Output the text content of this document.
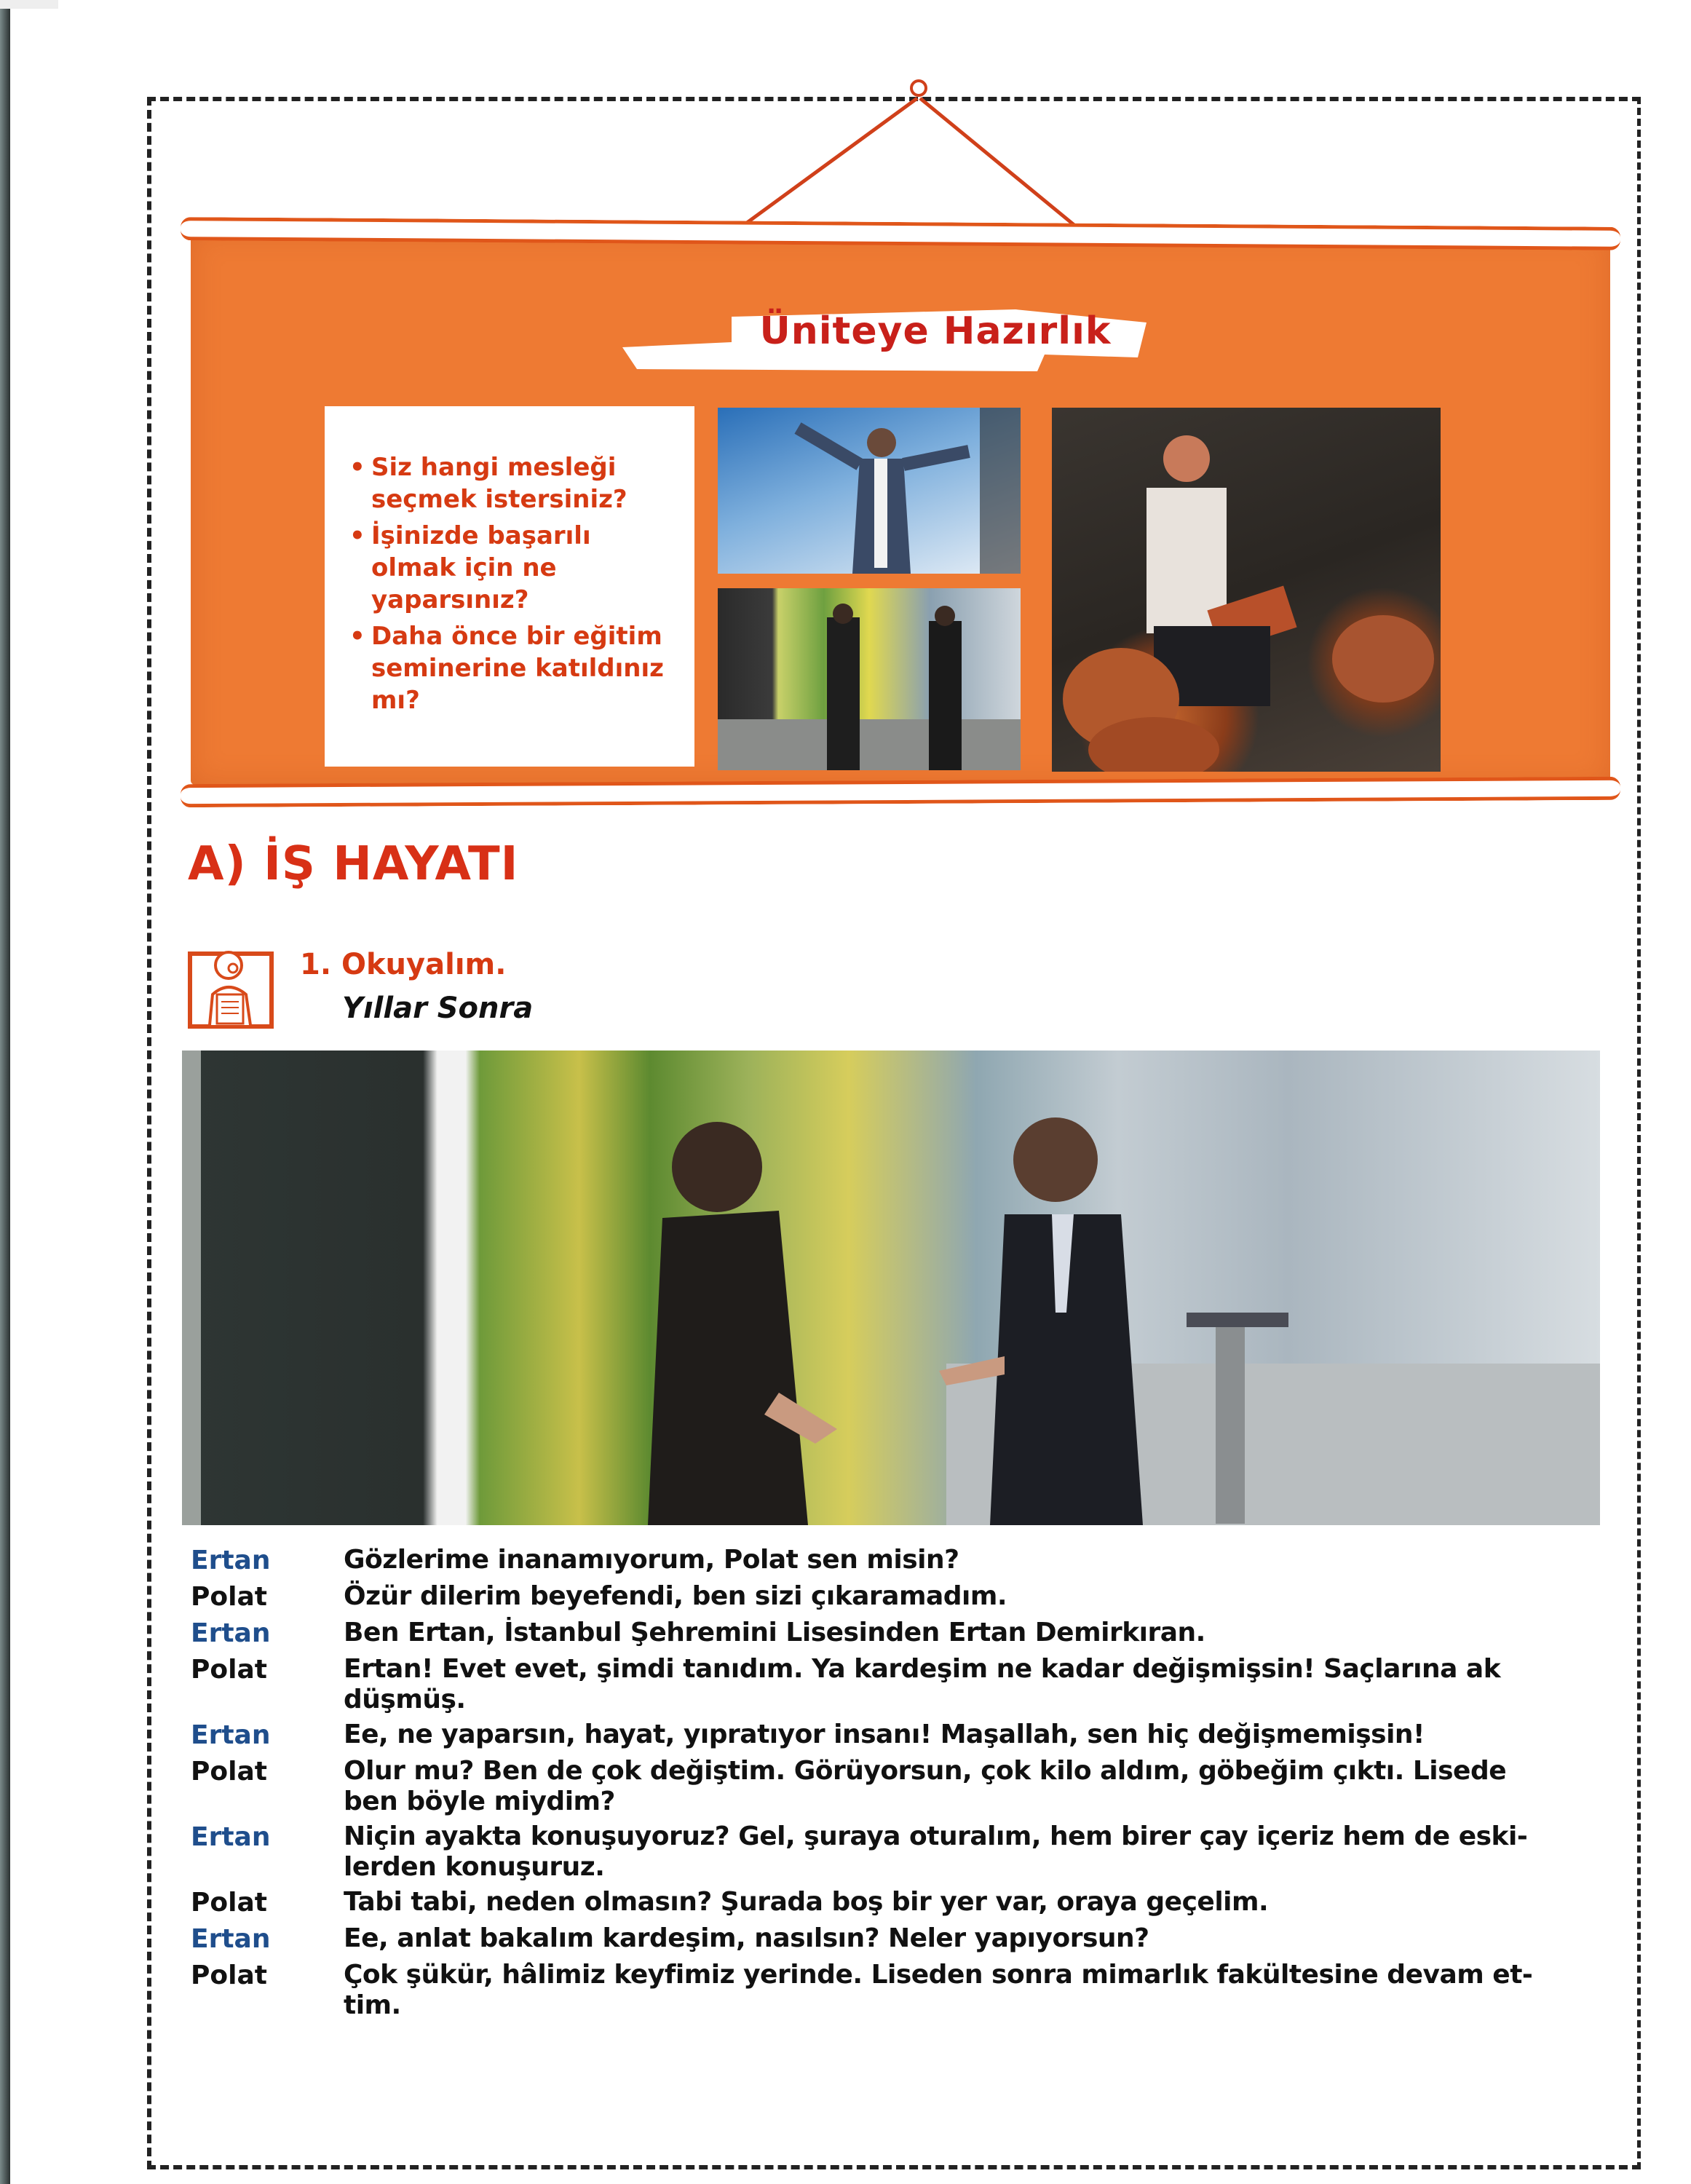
Üniteye Hazırlık
• Siz hangi mesleği seçmek istersiniz?
• İşinizde başarılı olmak için ne yaparsınız?
• Daha önce bir eğitim seminerine katıldınız mı?
A) İŞ HAYATI
1. Okuyalım.
Yıllar Sonra
Ertan	Gözlerime inanamıyorum, Polat sen misin?
Polat	Özür dilerim beyefendi, ben sizi çıkaramadım.
Ertan	Ben Ertan, İstanbul Şehremini Lisesinden Ertan Demirkıran.
Polat	Ertan! Evet evet, şimdi tanıdım. Ya kardeşim ne kadar değişmişsin! Saçlarına ak düşmüş.
Ertan	Ee, ne yaparsın, hayat, yıpratıyor insanı! Maşallah, sen hiç değişmemişsin!
Polat	Olur mu? Ben de çok değiştim. Görüyorsun, çok kilo aldım, göbeğim çıktı. Lisede ben böyle miydim?
Ertan	Niçin ayakta konuşuyoruz? Gel, şuraya oturalım, hem birer çay içeriz hem de eski-lerden konuşuruz.
Polat	Tabi tabi, neden olmasın? Şurada boş bir yer var, oraya geçelim.
Ertan	Ee, anlat bakalım kardeşim, nasılsın? Neler yapıyorsun?
Polat	Çok şükür, hâlimiz keyfimiz yerinde. Liseden sonra mimarlık fakültesine devam et-tim.
